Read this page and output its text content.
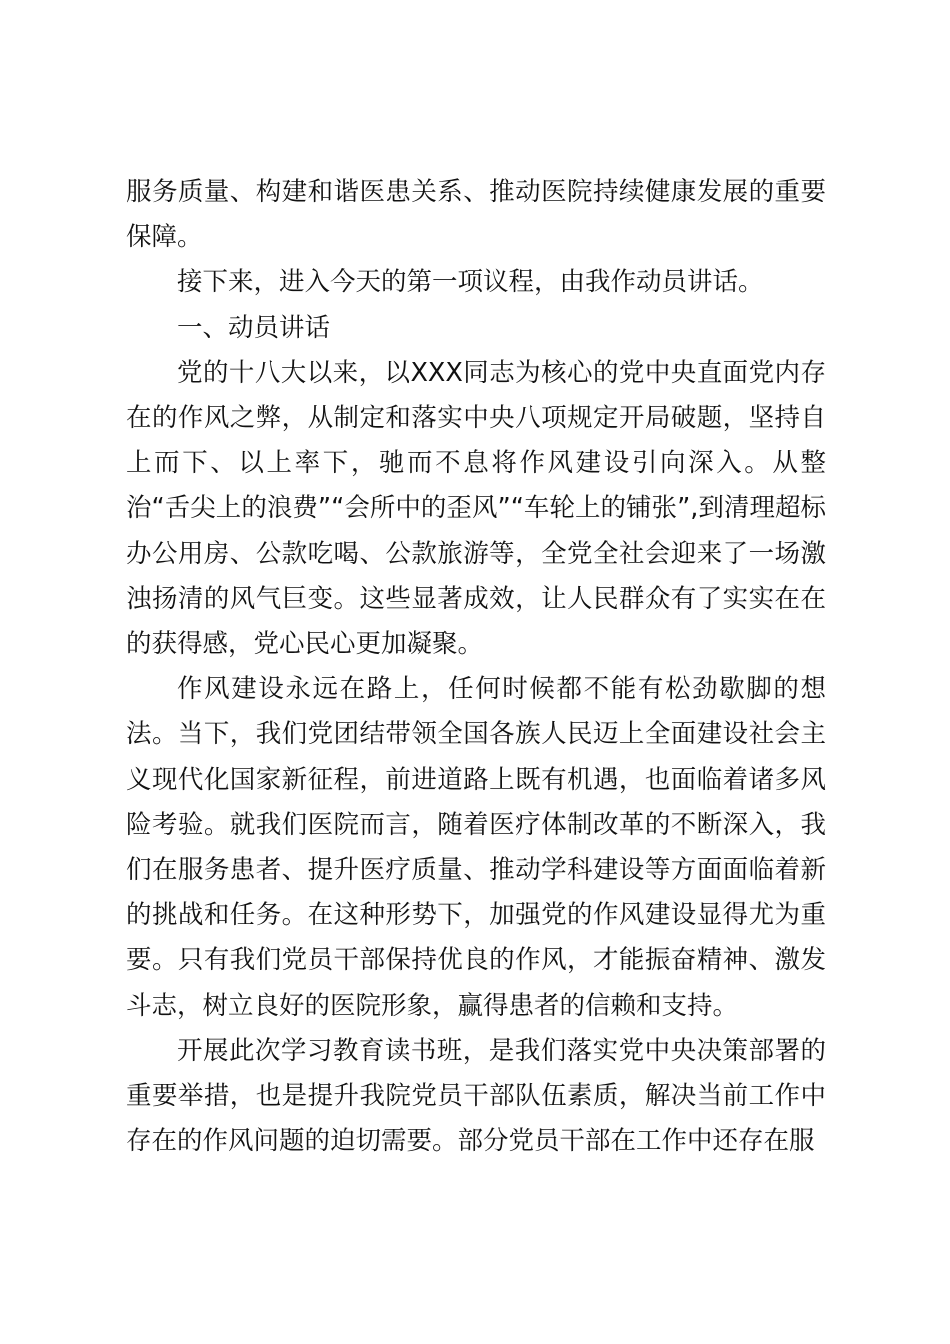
服务质量、构建和谐医患关系、推动医院持续健康发展的重要保障。

接下来，进入今天的第一项议程，由我作动员讲话。

一、动员讲话

党的十八大以来，以XXX同志为核心的党中央直面党内存在的作风之弊，从制定和落实中央八项规定开局破题，坚持自上而下、以上率下，驰而不息将作风建设引向深入。从整治“舌尖上的浪费”“会所中的歪风”“车轮上的铺张”,到清理超标办公用房、公款吃喝、公款旅游等，全党全社会迎来了一场激浊扬清的风气巨变。这些显著成效，让人民群众有了实实在在的获得感，党心民心更加凝聚。

作风建设永远在路上，任何时候都不能有松劲歇脚的想法。当下，我们党团结带领全国各族人民迈上全面建设社会主义现代化国家新征程，前进道路上既有机遇，也面临着诸多风险考验。就我们医院而言，随着医疗体制改革的不断深入，我们在服务患者、提升医疗质量、推动学科建设等方面面临着新的挑战和任务。在这种形势下，加强党的作风建设显得尤为重要。只有我们党员干部保持优良的作风，才能振奋精神、激发斗志，树立良好的医院形象，赢得患者的信赖和支持。

开展此次学习教育读书班，是我们落实党中央决策部署的重要举措，也是提升我院党员干部队伍素质，解决当前工作中存在的作风问题的迫切需要。部分党员干部在工作中还存在服
